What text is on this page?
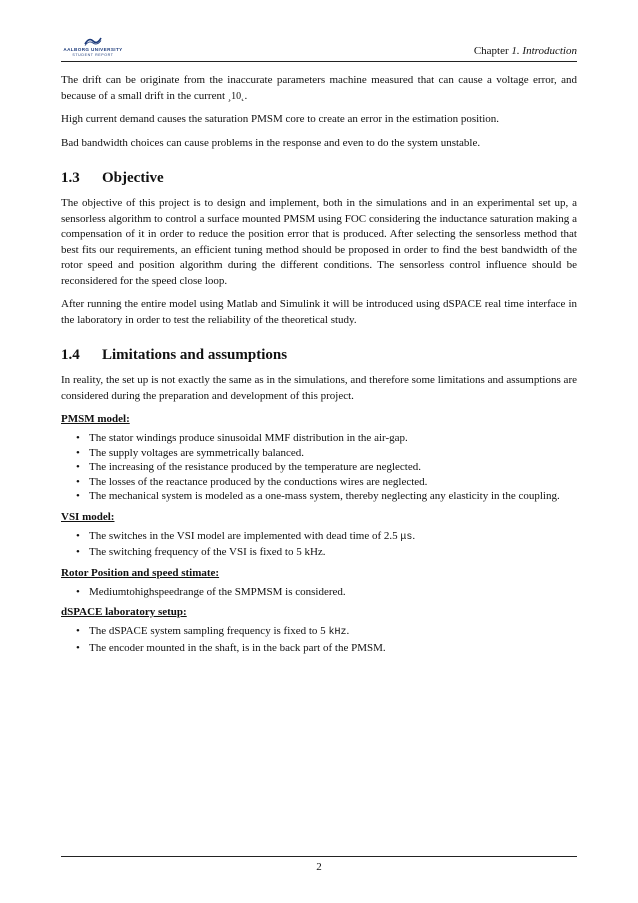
AALBORG UNIVERSITY
STUDENT REPORT	Chapter 1. Introduction

The drift can be originate from the inaccurate parameters machine measured that can cause a voltage error, and because of a small drift in the current ¸10˛.

High current demand causes the saturation PMSM core to create an error in the estimation position.

Bad bandwidth choices can cause problems in the response and even to do the system unstable.

1.3 Objective

The objective of this project is to design and implement, both in the simulations and in an experimental set up, a sensorless algorithm to control a surface mounted PMSM using FOC considering the inductance saturation making a compensation of it in order to reduce the position error that is produced. After selecting the sensorless method that best fits our requirements, an efficient tuning method should be proposed in order to find the best bandwidth of the rotor speed and position algorithm during the different conditions. The sensorless control influence should be reconsidered for the speed close loop.

After running the entire model using Matlab and Simulink it will be introduced using dSPACE real time interface in the laboratory in order to test the reliability of the theoretical study.

1.4 Limitations and assumptions

In reality, the set up is not exactly the same as in the simulations, and therefore some limitations and assumptions are considered during the preparation and development of this project.

PMSM model:
• The stator windings produce sinusoidal MMF distribution in the air-gap.
• The supply voltages are symmetrically balanced.
• The increasing of the resistance produced by the temperature are neglected.
• The losses of the reactance produced by the conductions wires are neglected.
• The mechanical system is modeled as a one-mass system, thereby neglecting any elasticity in the coupling.
VSI model:
• The switches in the VSI model are implemented with dead time of 2.5 μs.
• The switching frequency of the VSI is fixed to 5 kHz.
Rotor Position and speed stimate:
• Mediumtohighspeedrange of the SMPMSM is considered.
dSPACE laboratory setup:
• The dSPACE system sampling frequency is fixed to 5 kHz.
• The encoder mounted in the shaft, is in the back part of the PMSM.
2
